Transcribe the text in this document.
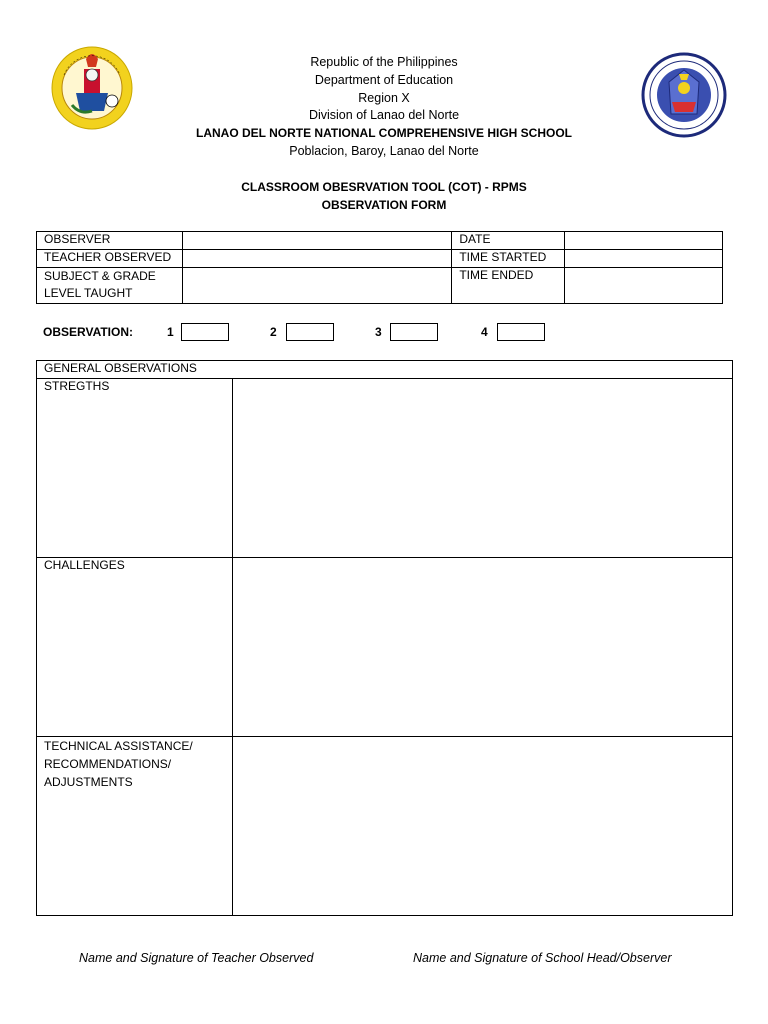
Republic of the Philippines
Department of Education
Region X
Division of Lanao del Norte
LANAO DEL NORTE NATIONAL COMPREHENSIVE HIGH SCHOOL
Poblacion, Baroy, Lanao del Norte
CLASSROOM OBESRVATION TOOL (COT) - RPMS
OBSERVATION FORM
OBSERVER		DATE	
TEACHER OBSERVED		TIME STARTED	

SUBJECT & GRADE
LEVEL TAUGHT		TIME ENDED	
OBSERVATION:	1	2	3	4
GENERAL OBSERVATIONS	
STREGTHS	
CHALLENGES	

TECHNICAL ASSISTANCE/
RECOMMENDATIONS/
ADJUSTMENTS	

Name and Signature of Teacher Observed	Name and Signature of School Head/Observer
